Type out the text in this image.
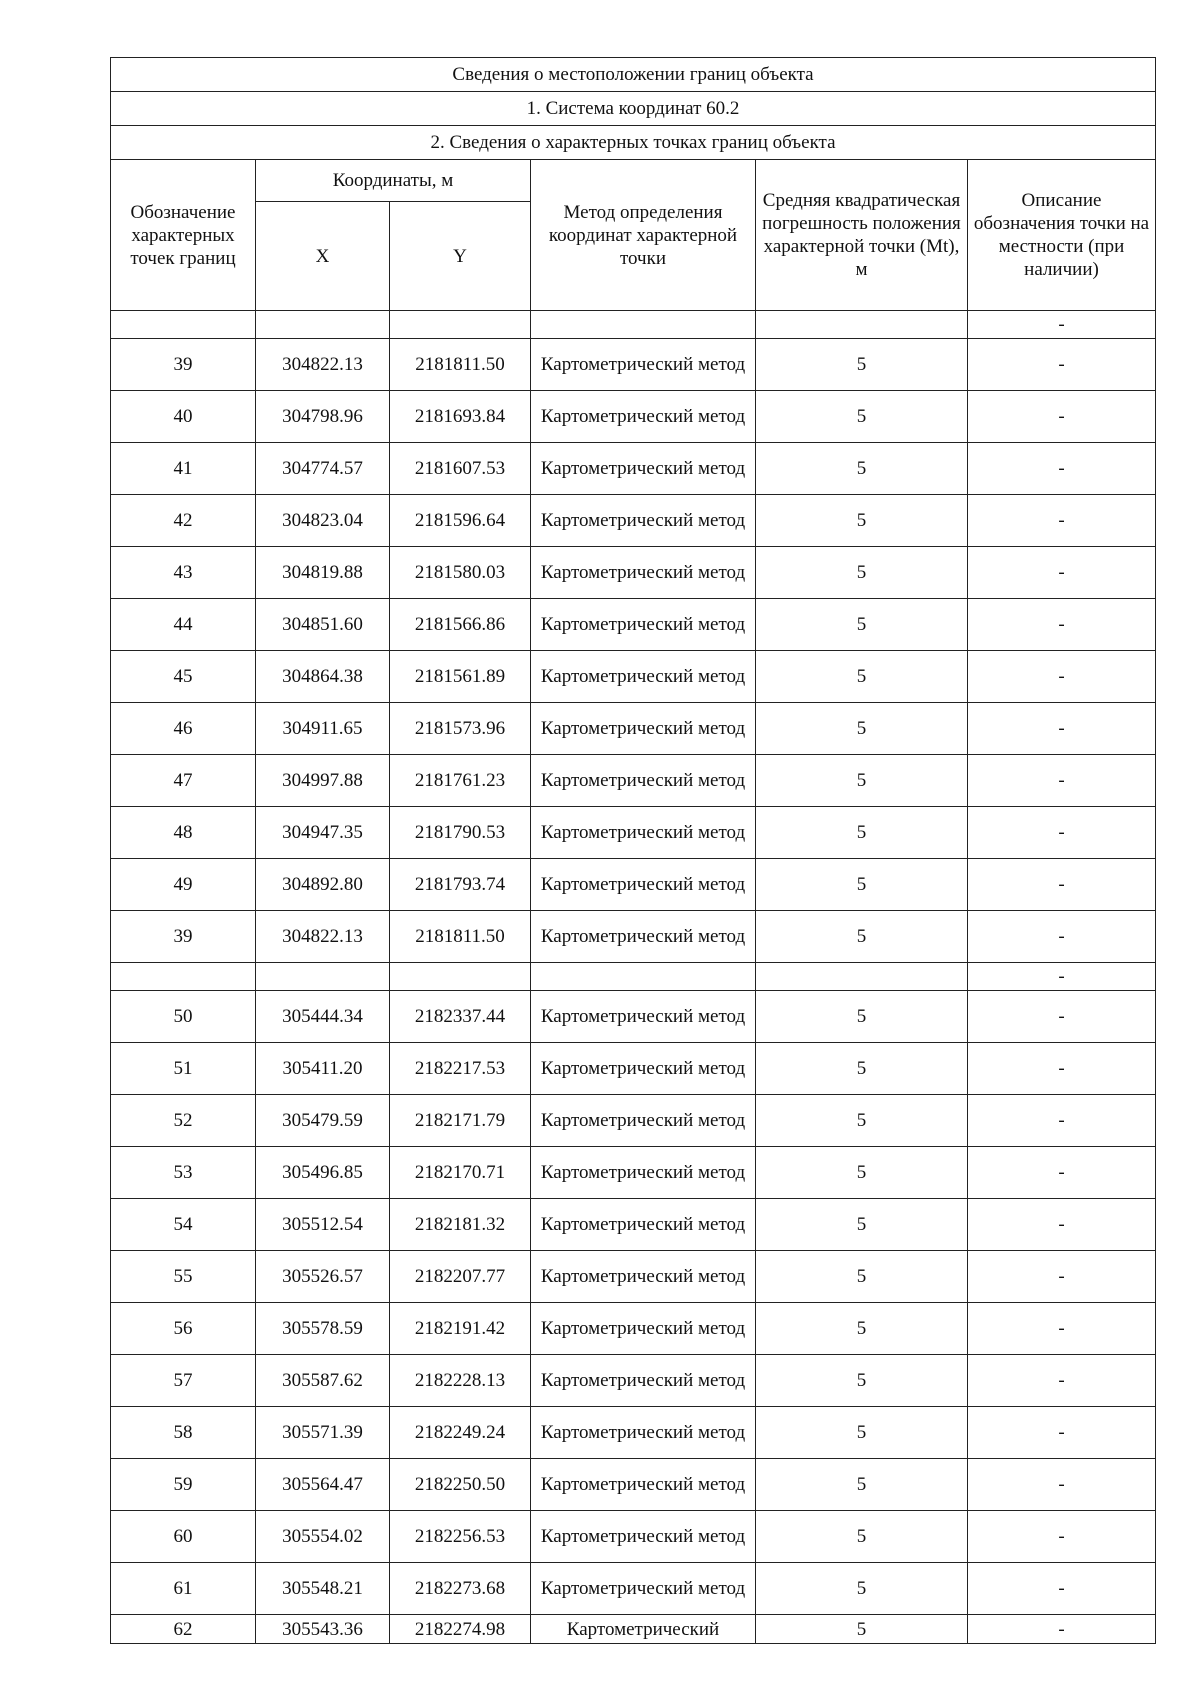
Сведения о местоположении границ объекта					
1. Система координат 60.2					
2. Сведения о характерных точках границ объекта					
Обозначение характерных точек границ	Координаты, м		Метод определения координат характерной точки	Средняя квадратическая погрешность положения характерной точки (Mt), м	Описание обозначения точки на местности (при наличии)
	X	Y			
					-
39	304822.13	2181811.50	Картометрический метод	5	-
40	304798.96	2181693.84	Картометрический метод	5	-
41	304774.57	2181607.53	Картометрический метод	5	-
42	304823.04	2181596.64	Картометрический метод	5	-
43	304819.88	2181580.03	Картометрический метод	5	-
44	304851.60	2181566.86	Картометрический метод	5	-
45	304864.38	2181561.89	Картометрический метод	5	-
46	304911.65	2181573.96	Картометрический метод	5	-
47	304997.88	2181761.23	Картометрический метод	5	-
48	304947.35	2181790.53	Картометрический метод	5	-
49	304892.80	2181793.74	Картометрический метод	5	-
39	304822.13	2181811.50	Картометрический метод	5	-
					-
50	305444.34	2182337.44	Картометрический метод	5	-
51	305411.20	2182217.53	Картометрический метод	5	-
52	305479.59	2182171.79	Картометрический метод	5	-
53	305496.85	2182170.71	Картометрический метод	5	-
54	305512.54	2182181.32	Картометрический метод	5	-
55	305526.57	2182207.77	Картометрический метод	5	-
56	305578.59	2182191.42	Картометрический метод	5	-
57	305587.62	2182228.13	Картометрический метод	5	-
58	305571.39	2182249.24	Картометрический метод	5	-
59	305564.47	2182250.50	Картометрический метод	5	-
60	305554.02	2182256.53	Картометрический метод	5	-
61	305548.21	2182273.68	Картометрический метод	5	-
62	305543.36	2182274.98	Картометрический	5	-
